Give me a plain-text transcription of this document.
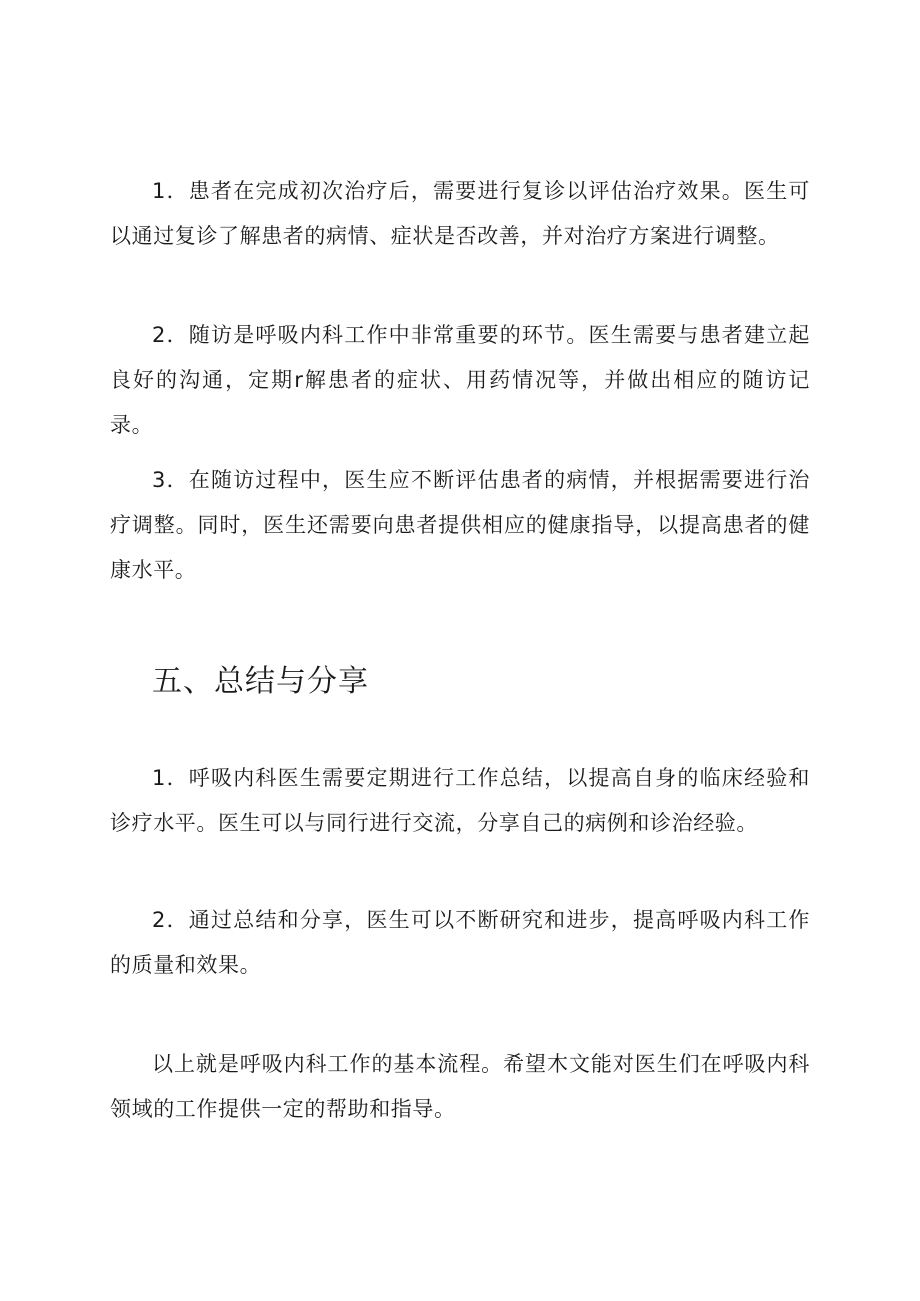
1．患者在完成初次治疗后，需要进行复诊以评估治疗效果。医生可以通过复诊了解患者的病情、症状是否改善，并对治疗方案进行调整。

2．随访是呼吸内科工作中非常重要的环节。医生需要与患者建立起良好的沟通，定期r解患者的症状、用药情况等，并做出相应的随访记录。

3．在随访过程中，医生应不断评估患者的病情，并根据需要进行治疗调整。同时，医生还需要向患者提供相应的健康指导，以提高患者的健康水平。

五、总结与分享

1．呼吸内科医生需要定期进行工作总结，以提高自身的临床经验和诊疗水平。医生可以与同行进行交流，分享自己的病例和诊治经验。

2．通过总结和分享，医生可以不断研究和进步，提高呼吸内科工作的质量和效果。

以上就是呼吸内科工作的基本流程。希望木文能对医生们在呼吸内科领域的工作提供一定的帮助和指导。
